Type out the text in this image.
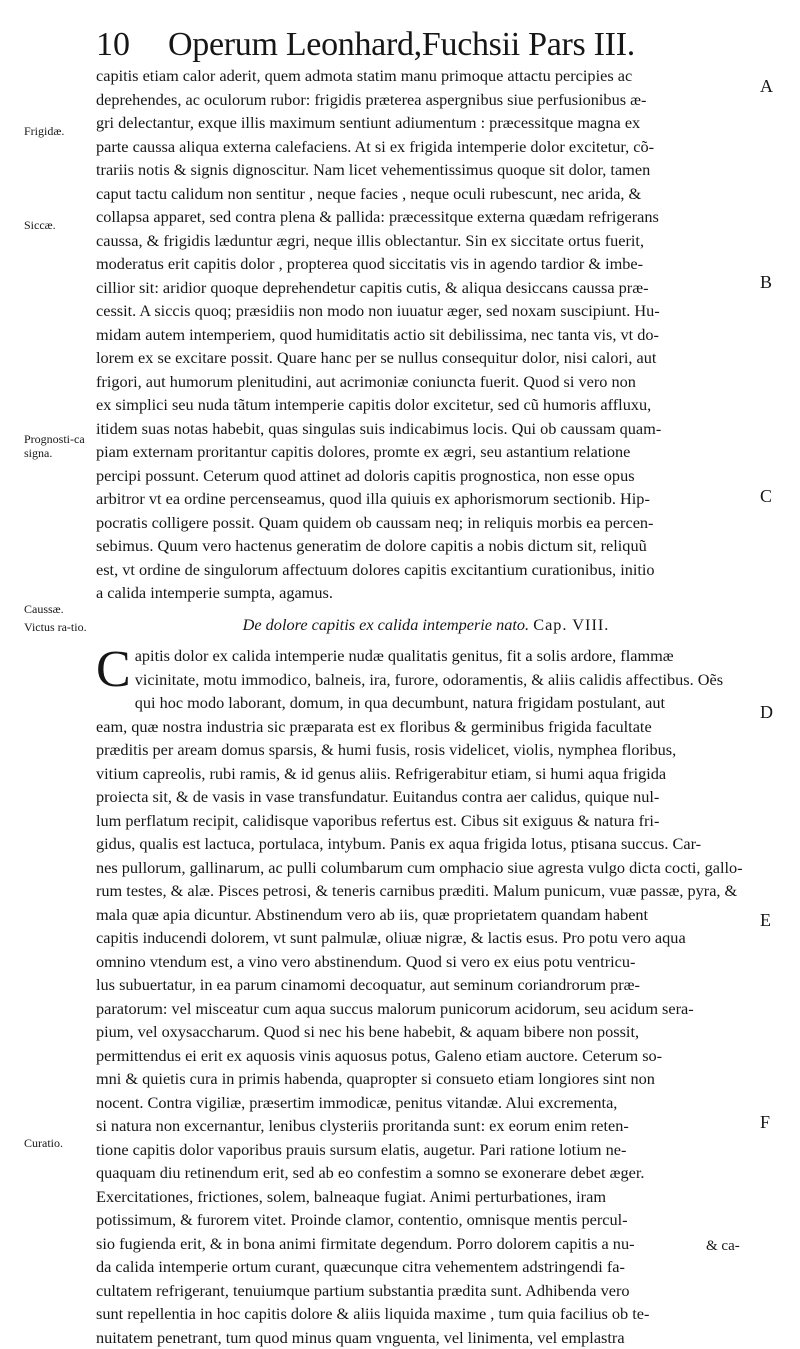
10 Operum Leonhard,Fuchsii Pars III.
Frigidæ.
Siccæ.
Prognosti-ca signa.
Caussæ.
Victus ra-tio.
Curatio.
A
B
C
D
E
F
capitis etiam calor aderit, quem admota statim manu primoque attactu percipies ac
deprehendes, ac oculorum rubor: frigidis præterea aspergnibus siue perfusionibus æ-
gri delectantur, exque illis maximum sentiunt adiumentum : præcessitque magna ex
parte caussa aliqua externa calefaciens. At si ex frigida intemperie dolor excitetur, cõ-
trariis notis & signis dignoscitur. Nam licet vehementissimus quoque sit dolor, tamen
caput tactu calidum non sentitur , neque facies , neque oculi rubescunt, nec arida, &
collapsa apparet, sed contra plena & pallida: præcessitque externa quædam refrigerans
caussa, & frigidis læduntur ægri, neque illis oblectantur. Sin ex siccitate ortus fuerit,
moderatus erit capitis dolor , propterea quod siccitatis vis in agendo tardior & imbe-
cillior sit: aridior quoque deprehendetur capitis cutis, & aliqua desiccans caussa præ-
cessit. A siccis quoq; præsidiis non modo non iuuatur æger, sed noxam suscipiunt. Hu-
midam autem intemperiem, quod humiditatis actio sit debilissima, nec tanta vis, vt do-
lorem ex se excitare possit. Quare hanc per se nullus consequitur dolor, nisi calori, aut
frigori, aut humorum plenitudini, aut acrimoniæ coniuncta fuerit. Quod si vero non
ex simplici seu nuda tãtum intemperie capitis dolor excitetur, sed cũ humoris affluxu,
itidem suas notas habebit, quas singulas suis indicabimus locis. Qui ob caussam quam-
piam externam proritantur capitis dolores, promte ex ægri, seu astantium relatione
percipi possunt. Ceterum quod attinet ad doloris capitis prognostica, non esse opus
arbitror vt ea ordine percenseamus, quod illa quiuis ex aphorismorum sectionib. Hip-
pocratis colligere possit. Quam quidem ob caussam neq; in reliquis morbis ea percen-
sebimus. Quum vero hactenus generatim de dolore capitis a nobis dictum sit, reliquũ
est, vt ordine de singulorum affectuum dolores capitis excitantium curationibus, initio
a calida intemperie sumpta, agamus.
De dolore capitis ex calida intemperie nato. Cap. VIII.
C apitis dolor ex calida intemperie nudæ qualitatis genitus, fit a solis ardore, flammæ
vicinitate, motu immodico, balneis, ira, furore, odoramentis, & aliis calidis affectibus. Oẽs
qui hoc modo laborant, domum, in qua decumbunt, natura frigidam postulant, aut
eam, quæ nostra industria sic præparata est ex floribus & germinibus frigida facultate
præditis per aream domus sparsis, & humi fusis, rosis videlicet, violis, nymphea floribus,
vitium capreolis, rubi ramis, & id genus aliis. Refrigerabitur etiam, si humi aqua frigida
proiecta sit, & de vasis in vase transfundatur. Euitandus contra aer calidus, quique nul-
lum perflatum recipit, calidisque vaporibus refertus est. Cibus sit exiguus & natura fri-
gidus, qualis est lactuca, portulaca, intybum. Panis ex aqua frigida lotus, ptisana succus. Car-
nes pullorum, gallinarum, ac pulli columbarum cum omphacio siue agresta vulgo dicta cocti, gallo-
rum testes, & alæ. Pisces petrosi, & teneris carnibus præditi. Malum punicum, vuæ passæ, pyra, &
mala quæ apia dicuntur. Abstinendum vero ab iis, quæ proprietatem quandam habent
capitis inducendi dolorem, vt sunt palmulæ, oliuæ nigræ, & lactis esus. Pro potu vero aqua
omnino vtendum est, a vino vero abstinendum. Quod si vero ex eius potu ventricu-
lus subuertatur, in ea parum cinamomi decoquatur, aut seminum coriandrorum præ-
paratorum: vel misceatur cum aqua succus malorum punicorum acidorum, seu acidum sera-
pium, vel oxysaccharum. Quod si nec his bene habebit, & aquam bibere non possit,
permittendus ei erit ex aquosis vinis aquosus potus, Galeno etiam auctore. Ceterum so-
mni & quietis cura in primis habenda, quapropter si consueto etiam longiores sint non
nocent. Contra vigiliæ, præsertim immodicæ, penitus vitandæ. Alui excrementa,
si natura non excernantur, lenibus clysteriis proritanda sunt: ex eorum enim reten-
tione capitis dolor vaporibus prauis sursum elatis, augetur. Pari ratione lotium ne-
quaquam diu retinendum erit, sed ab eo confestim a somno se exonerare debet æger.
Exercitationes, frictiones, solem, balneaque fugiat. Animi perturbationes, iram
potissimum, & furorem vitet. Proinde clamor, contentio, omnisque mentis percul-
sio fugienda erit, & in bona animi firmitate degendum. Porro dolorem capitis a nu-
da calida intemperie ortum curant, quæcunque citra vehementem adstringendi fa-
cultatem refrigerant, tenuiumque partium substantia prædita sunt. Adhibenda vero
sunt repellentia in hoc capitis dolore & aliis liquida maxime , tum quia facilius ob te-
nuitatem penetrant, tum quod minus quam vnguenta, vel linimenta, vel emplastra
& ca-
